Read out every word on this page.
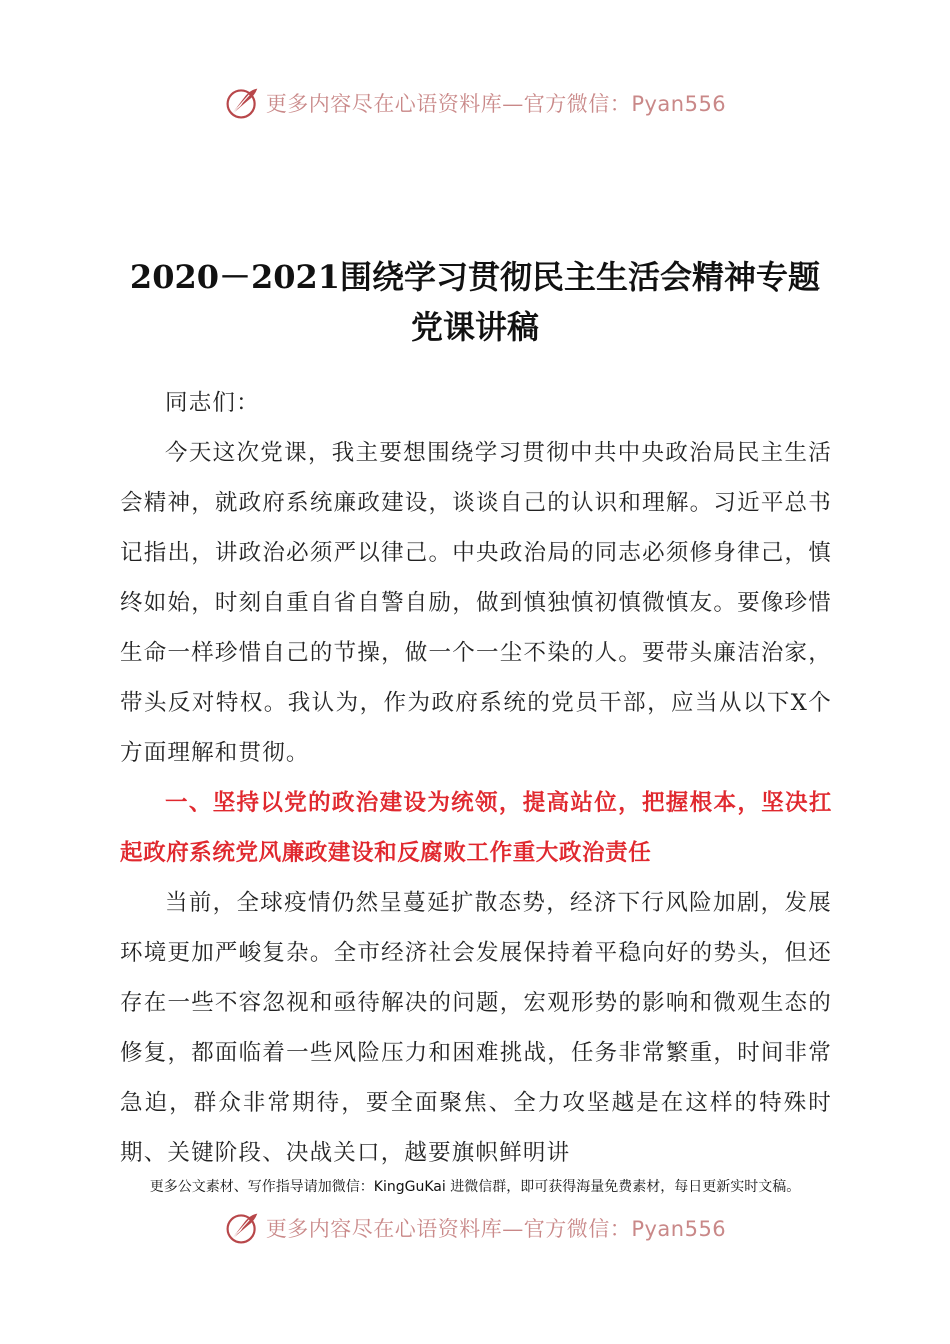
更多内容尽在心语资料库—官方微信：Pyan556
2020－2021围绕学习贯彻民主生活会精神专题
党课讲稿

同志们：

今天这次党课，我主要想围绕学习贯彻中共中央政治局民主生活会精神，就政府系统廉政建设，谈谈自己的认识和理解。习近平总书记指出，讲政治必须严以律己。中央政治局的同志必须修身律己，慎终如始，时刻自重自省自警自励，做到慎独慎初慎微慎友。要像珍惜生命一样珍惜自己的节操，做一个一尘不染的人。要带头廉洁治家，带头反对特权。我认为，作为政府系统的党员干部，应当从以下X个方面理解和贯彻。

一、坚持以党的政治建设为统领，提高站位，把握根本，坚决扛起政府系统党风廉政建设和反腐败工作重大政治责任

当前，全球疫情仍然呈蔓延扩散态势，经济下行风险加剧，发展环境更加严峻复杂。全市经济社会发展保持着平稳向好的势头，但还存在一些不容忽视和亟待解决的问题，宏观形势的影响和微观生态的修复，都面临着一些风险压力和困难挑战，任务非常繁重，时间非常急迫，群众非常期待，要全面聚焦、全力攻坚越是在这样的特殊时期、关键阶段、决战关口，越要旗帜鲜明讲

更多公文素材、写作指导请加微信：KingGuKai 进微信群，即可获得海量免费素材，每日更新实时文稿。
更多内容尽在心语资料库—官方微信：Pyan556
